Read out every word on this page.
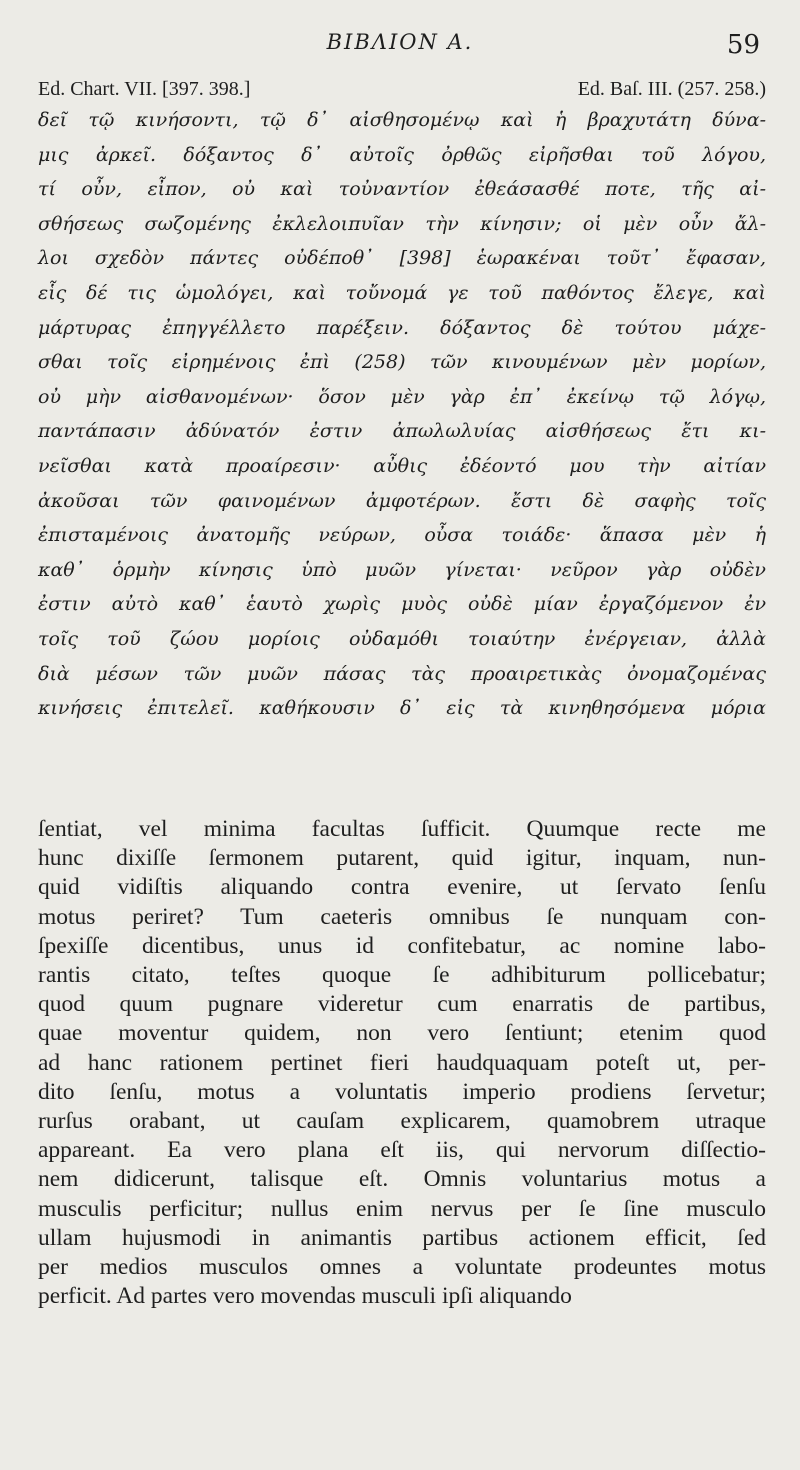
BIBΛΙΟΝ Α.	59
Ed. Chart. VII. [397. 398.]	Ed. Baſ. III. (257. 258.)
δεῖ τῷ κινήσοντι, τῷ δ᾽ αἰσθησομένῳ καὶ ἡ βραχυτάτη δύνα-
μις ἀρκεῖ. δόξαντος δ᾽ αὐτοῖς ὀρθῶς εἰρῆσθαι τοῦ λόγου,
τί οὖν, εἶπον, οὐ καὶ τοὐναντίον ἐθεάσασθέ ποτε, τῆς αἰ-
σθήσεως σωζομένης ἐκλελοιπυῖαν τὴν κίνησιν; οἱ μὲν οὖν ἄλ-
λοι σχεδὸν πάντες οὐδέποθ᾽ [398] ἑωρακέναι τοῦτ᾽ ἔφασαν,
εἷς δέ τις ὡμολόγει, καὶ τοὔνομά γε τοῦ παθόντος ἔλεγε, καὶ
μάρτυρας ἐπηγγέλλετο παρέξειν. δόξαντος δὲ τούτου μάχε-
σθαι τοῖς εἰρημένοις ἐπὶ (258) τῶν κινουμένων μὲν μορίων,
οὐ μὴν αἰσθανομένων· ὅσον μὲν γὰρ ἐπ᾽ ἐκείνῳ τῷ λόγῳ,
παντάπασιν ἀδύνατόν ἐστιν ἀπωλωλυίας αἰσθήσεως ἔτι κι-
νεῖσθαι κατὰ προαίρεσιν· αὖθις ἐδέοντό μου τὴν αἰτίαν
ἀκοῦσαι τῶν φαινομένων ἀμφοτέρων. ἔστι δὲ σαφὴς τοῖς
ἐπισταμένοις ἀνατομῆς νεύρων, οὖσα τοιάδε· ἅπασα μὲν ἡ
καθ᾽ ὁρμὴν κίνησις ὑπὸ μυῶν γίνεται· νεῦρον γὰρ οὐδὲν
ἐστιν αὐτὸ καθ᾽ ἑαυτὸ χωρὶς μυὸς οὐδὲ μίαν ἐργαζόμενον ἐν
τοῖς τοῦ ζώου μορίοις οὐδαμόθι τοιαύτην ἐνέργειαν, ἀλλὰ
διὰ μέσων τῶν μυῶν πάσας τὰς προαιρετικὰς ὀνομαζομένας
κινήσεις ἐπιτελεῖ. καθήκουσιν δ᾽ εἰς τὰ κινηθησόμενα μόρια
ſentiat, vel minima facultas ſufficit. Quumque recte me
hunc dixiſſe ſermonem putarent, quid igitur, inquam, nun-
quid vidiſtis aliquando contra evenire, ut ſervato ſenſu
motus periret? Tum caeteris omnibus ſe nunquam con-
ſpexiſſe dicentibus, unus id confitebatur, ac nomine labo-
rantis citato, teſtes quoque ſe adhibiturum pollicebatur;
quod quum pugnare videretur cum enarratis de partibus,
quae moventur quidem, non vero ſentiunt; etenim quod
ad hanc rationem pertinet fieri haudquaquam poteſt ut, per-
dito ſenſu, motus a voluntatis imperio prodiens ſervetur;
rurſus orabant, ut cauſam explicarem, quamobrem utraque
appareant. Ea vero plana eſt iis, qui nervorum diſſectio-
nem didicerunt, talisque eſt. Omnis voluntarius motus a
musculis perficitur; nullus enim nervus per ſe ſine musculo
ullam hujusmodi in animantis partibus actionem efficit, ſed
per medios musculos omnes a voluntate prodeuntes motus
perficit. Ad partes vero movendas musculi ipſi aliquando
